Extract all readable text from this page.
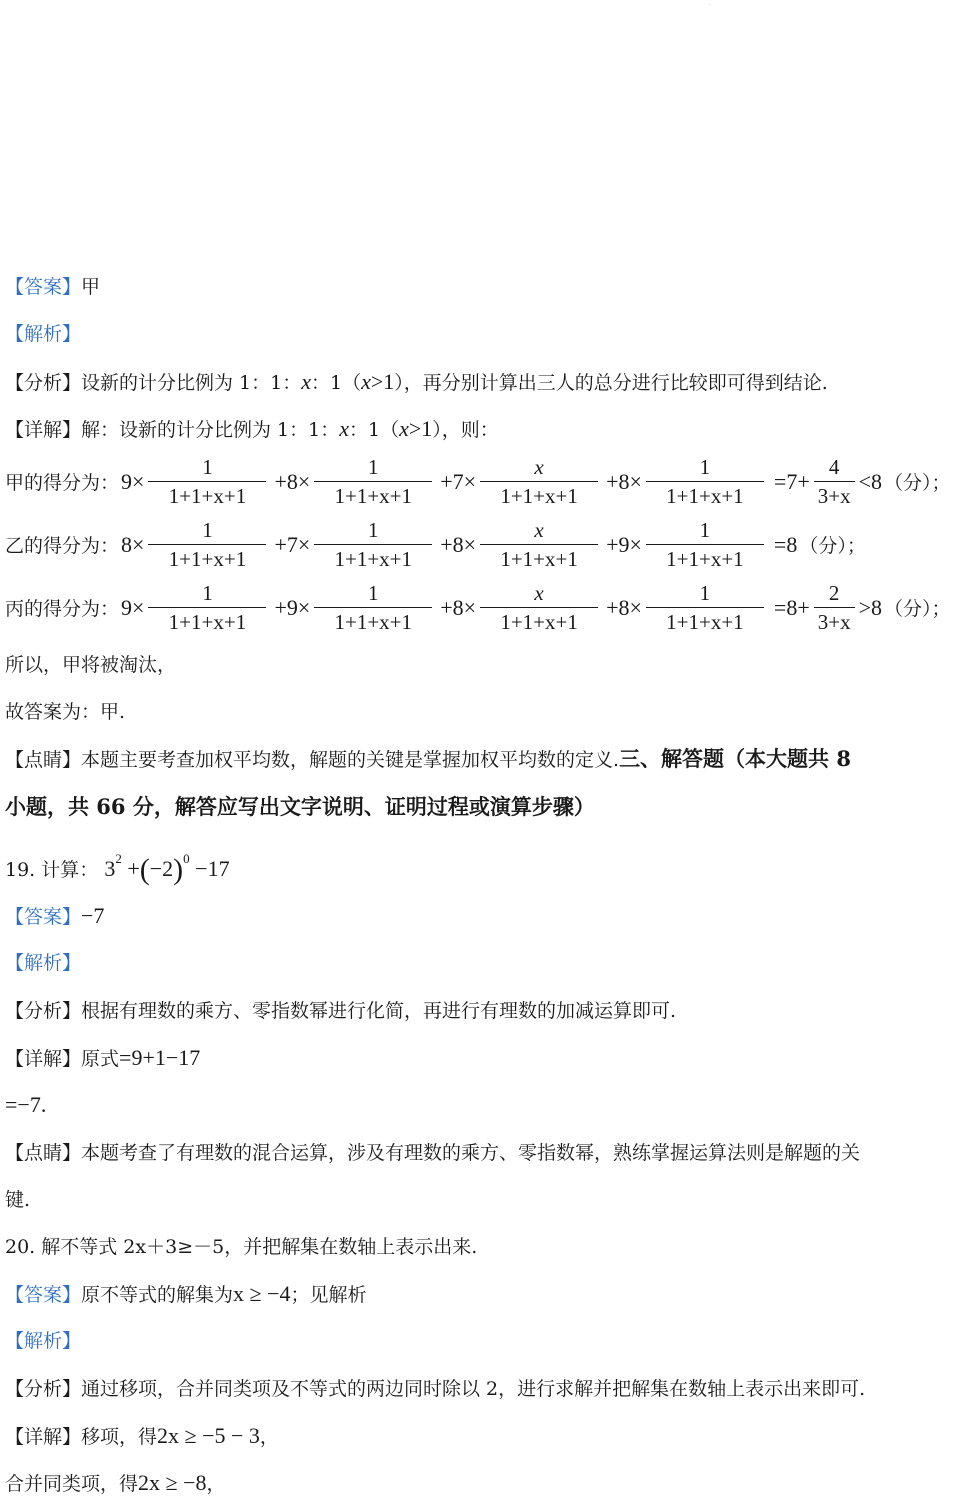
·
【答案】甲
【解析】
【分析】设新的计分比例为 1：1：x：1（x>1），再分别计算出三人的总分进行比较即可得到结论.
【详解】解：设新的计分比例为 1：1：x：1（x>1），则：
甲的得分为： $9\times \frac{1}{1+1+x+1} +8\times \frac{1}{1+1+x+1} +7\times \frac{x}{1+1+x+1} +8\times \frac{1}{1+1+x+1} =7+ \frac{4}{3+x} <8$ （分）；
乙的得分为： $8\times \frac{1}{1+1+x+1} +7\times \frac{1}{1+1+x+1} +8\times \frac{x}{1+1+x+1} +9\times \frac{1}{1+1+x+1} =8$ （分）；
丙的得分为： $9\times \frac{1}{1+1+x+1} +9\times \frac{1}{1+1+x+1} +8\times \frac{x}{1+1+x+1} +8\times \frac{1}{1+1+x+1} =8+ \frac{2}{3+x} >8$ （分）；
所以，甲将被淘汰，
故答案为：甲.
【点睛】本题主要考查加权平均数，解题的关键是掌握加权平均数的定义.三、解答题（本大题共 8
小题，共 66 分，解答应写出文字说明、证明过程或演算步骤）
19. 计算： $3^2 +(-2)^0 -17$
【答案】−7
【解析】
【分析】根据有理数的乘方、零指数幂进行化简，再进行有理数的加减运算即可.
【详解】原式=9+1−17
=−7.
【点睛】本题考查了有理数的混合运算，涉及有理数的乘方、零指数幂，熟练掌握运算法则是解题的关
键.
20. 解不等式 2x＋3≥－5，并把解集在数轴上表示出来.
【答案】原不等式的解集为x ≥ −4；见解析
【解析】
【分析】通过移项，合并同类项及不等式的两边同时除以 2，进行求解并把解集在数轴上表示出来即可.
【详解】移项，得2x ≥ −5 − 3，
合并同类项，得2x ≥ −8，
